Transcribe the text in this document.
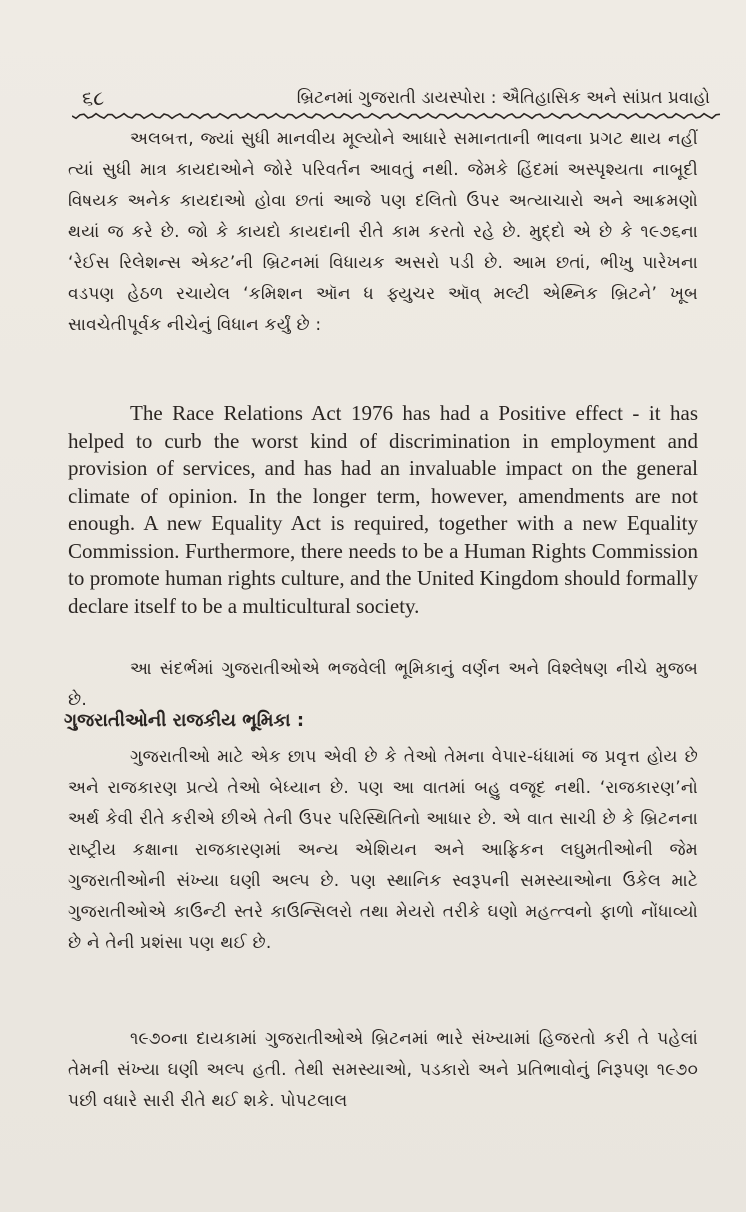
૬૮	બ્રિટનમાં ગુજરાતી ડાયસ્પોરા : ઐતિહાસિક અને સાંપ્રત પ્રવાહો

અલબત્ત, જ્યાં સુધી માનવીય મૂલ્યોને આધારે સમાનતાની ભાવના પ્રગટ થાય નહીં ત્યાં સુધી માત્ર કાયદાઓને જોરે પરિવર્તન આવતું નથી. જેમકે હિંદમાં અસ્પૃશ્યતા નાબૂદી વિષયક અનેક કાયદાઓ હોવા છતાં આજે પણ દલિતો ઉપર અત્યાચારો અને આક્રમણો થયાં જ કરે છે. જો કે કાયદો કાયદાની રીતે કામ કરતો રહે છે. મુદ્દો એ છે કે ૧૯૭૬ના ‘રેઈસ રિલેશન્સ એક્ટ’ની બ્રિટનમાં વિધાયક અસરો પડી છે. આમ છતાં, ભીખુ પારેખના વડપણ હેઠળ રચાયેલ ‘કમિશન ઑન ધ ફ્યુચર ઑવ્ મલ્ટી એથ્નિક બ્રિટને’ ખૂબ સાવચેતીપૂર્વક નીચેનું વિધાન કર્યું છે :

The Race Relations Act 1976 has had a Positive effect - it has helped to curb the worst kind of discrimination in employment and provision of services, and has had an invaluable impact on the general climate of opinion. In the longer term, however, amendments are not enough. A new Equality Act is required, together with a new Equality Commission. Furthermore, there needs to be a Human Rights Commission to promote human rights culture, and the United Kingdom should formally declare itself to be a multicultural society.

આ સંદર્ભમાં ગુજરાતીઓએ ભજવેલી ભૂમિકાનું વર્ણન અને વિશ્લેષણ નીચે મુજબ છે.

ગુજરાતીઓની રાજકીય ભૂમિકા :

ગુજરાતીઓ માટે એક છાપ એવી છે કે તેઓ તેમના વેપાર-ધંધામાં જ પ્રવૃત્ત હોય છે અને રાજકારણ પ્રત્યે તેઓ બેધ્યાન છે. પણ આ વાતમાં બહુ વજૂદ નથી. ‘રાજકારણ’નો અર્થ કેવી રીતે કરીએ છીએ તેની ઉપર પરિસ્થિતિનો આધાર છે. એ વાત સાચી છે કે બ્રિટનના રાષ્ટ્રીય કક્ષાના રાજકારણમાં અન્ય એશિયન અને આફ્રિકન લઘુમતીઓની જેમ ગુજરાતીઓની સંખ્યા ઘણી અલ્પ છે. પણ સ્થાનિક સ્વરૂપની સમસ્યાઓના ઉકેલ માટે ગુજરાતીઓએ કાઉન્ટી સ્તરે કાઉન્સિલરો તથા મેયરો તરીકે ઘણો મહત્ત્વનો ફાળો નોંધાવ્યો છે ને તેની પ્રશંસા પણ થઈ છે.

૧૯૭૦ના દાયકામાં ગુજરાતીઓએ બ્રિટનમાં ભારે સંખ્યામાં હિજરતો કરી તે પહેલાં તેમની સંખ્યા ઘણી અલ્પ હતી. તેથી સમસ્યાઓ, પડકારો અને પ્રતિભાવોનું નિરૂપણ ૧૯૭૦ પછી વધારે સારી રીતે થઈ શકે. પોપટલાલ
